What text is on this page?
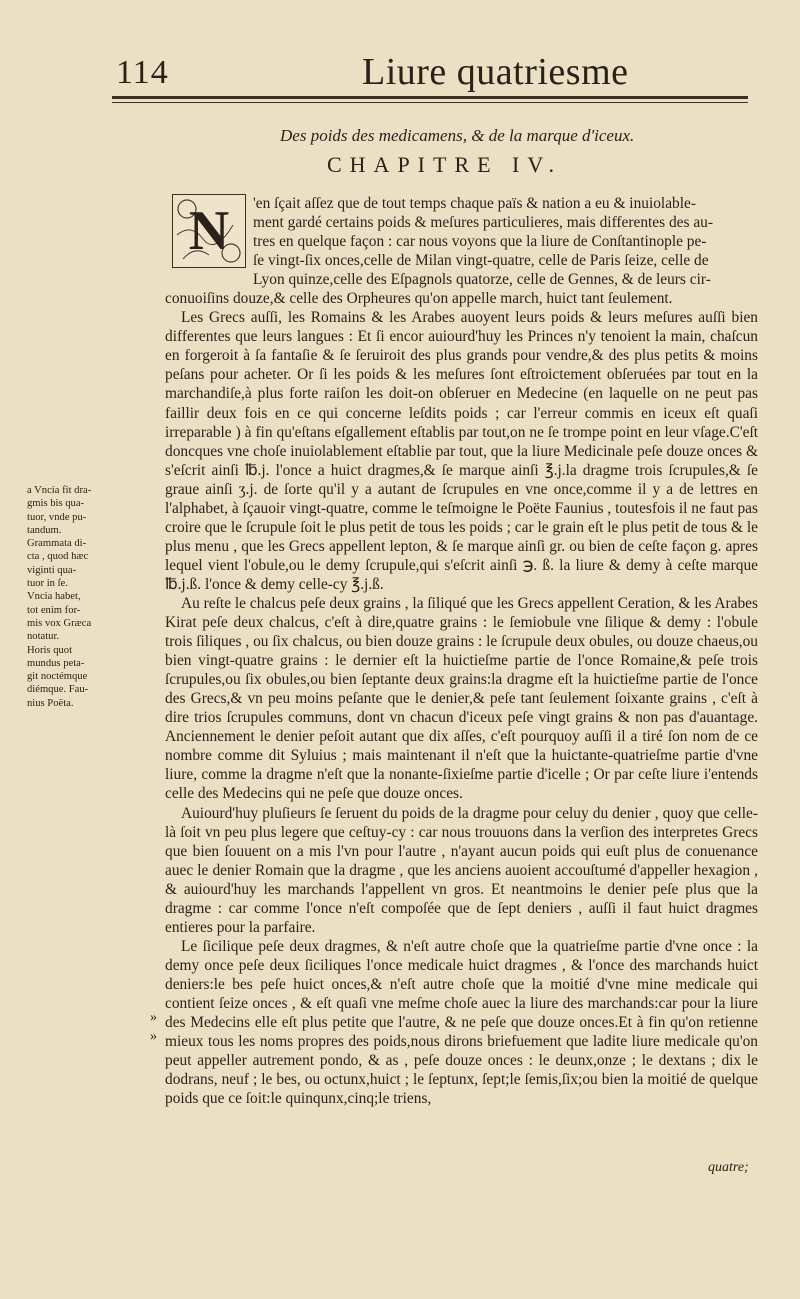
114	Liure quatriesme
Des poids des medicamens, & de la marque d'iceux.
CHAPITRE IV.
a Vncia fit dra-
gmis bis qua-
tuor, vnde pu-
tandum.
Grammata di-
cta , quod hæc
viginti qua-
tuor in ſe.
Vncia habet,
tot enim for-
mis vox Græca
notatur.
Horis quot
mundus peta-
git noctémque
diémque. Fau-
nius Poëta.
N	'en ſçait aſſez que de tout temps chaque païs & nation a eu & inuiolable-
ment gardé certains poids & meſures particulieres, mais differentes des au-
tres en quelque façon : car nous voyons que la liure de Conſtantinople pe-
ſe vingt-ſix onces,celle de Milan vingt-quatre, celle de Paris ſeize, celle de
Lyon quinze,celle des Eſpagnols quatorze, celle de Gennes, & de leurs cir-

conuoiſins douze,& celle des Orpheures qu'on appelle march, huict tant ſeulement.

Les Grecs auſſi, les Romains & les Arabes auoyent leurs poids & leurs meſures auſſi bien differentes que leurs langues : Et ſi encor auiourd'huy les Princes n'y tenoient la main, chaſcun en forgeroit à ſa fantaſie & ſe ſeruiroit des plus grands pour vendre,& des plus petits & moins peſans pour acheter. Or ſi les poids & les meſures ſont eſtroictement obſeruées par tout en la marchandiſe,à plus forte raiſon les doit-on obſeruer en Medecine (en laquelle on ne peut pas faillir deux fois en ce qui concerne leſdits poids ; car l'erreur commis en iceux eſt quaſi irreparable ) à fin qu'eſtans eſgallement eſtablis par tout,on ne ſe trompe point en leur vſage.C'eſt doncques vne choſe inuiolablement eſtablie par tout, que la liure Medicinale peſe douze onces & s'eſcrit ainſi ℔.j. l'once a huict dragmes,& ſe marque ainſi ℥.j.la dragme trois ſcrupules,& ſe graue ainſi ʒ.j. de ſorte qu'il y a autant de ſcrupules en vne once,comme il y a de lettres en l'alphabet, à ſçauoir vingt-quatre, comme le teſmoigne le Poëte Faunius , toutesfois il ne faut pas croire que le ſcrupule ſoit le plus petit de tous les poids ; car le grain eſt le plus petit de tous & le plus menu , que les Grecs appellent lepton, & ſe marque ainſi gr. ou bien de ceſte façon g. apres lequel vient l'obule,ou le demy ſcrupule,qui s'eſcrit ainſi ℈. ß. la liure & demy à ceſte marque ℔.j.ß. l'once & demy celle-cy ℥.j.ß.

Au reſte le chalcus peſe deux grains , la ſiliqué que les Grecs appellent Ceration, & les Arabes Kirat peſe deux chalcus, c'eſt à dire,quatre grains : le ſemiobule vne ſilique & demy : l'obule trois ſiliques , ou ſix chalcus, ou bien douze grains : le ſcrupule deux obules, ou douze chaeus,ou bien vingt-quatre grains : le dernier eſt la huictieſme partie de l'once Romaine,& peſe trois ſcrupules,ou ſix obules,ou bien ſeptante deux grains:la dragme eſt la huictieſme partie de l'once des Grecs,& vn peu moins peſante que le denier,& peſe tant ſeulement ſoixante grains , c'eſt à dire trios ſcrupules communs, dont vn chacun d'iceux peſe vingt grains & non pas d'auantage. Anciennement le denier peſoit autant que dix aſſes, c'eſt pourquoy auſſi il a tiré ſon nom de ce nombre comme dit Syluius ; mais maintenant il n'eſt que la huictante-quatrieſme partie d'vne liure, comme la dragme n'eſt que la nonante-ſixieſme partie d'icelle ; Or par ceſte liure i'entends celle des Medecins qui ne peſe que douze onces.

Auiourd'huy pluſieurs ſe ſeruent du poids de la dragme pour celuy du denier , quoy que celle-là ſoit vn peu plus legere que ceſtuy-cy : car nous trouuons dans la verſion des interpretes Grecs que bien ſouuent on a mis l'vn pour l'autre , n'ayant aucun poids qui euſt plus de conuenance auec le denier Romain que la dragme , que les anciens auoient accouſtumé d'appeller hexagion , & auiourd'huy les marchands l'appellent vn gros. Et neantmoins le denier peſe plus que la dragme : car comme l'once n'eſt compoſée que de ſept deniers , auſſi il faut huict dragmes entieres pour la parfaire.

Le ſicilique peſe deux dragmes, & n'eſt autre choſe que la quatrieſme partie d'vne once : la demy once peſe deux ſiciliques l'once medicale huict dragmes , & l'once des marchands huict deniers:le bes peſe huict onces,& n'eſt autre choſe que la moitié d'vne mine medicale qui contient ſeize onces , & eſt quaſi vne meſme choſe auec la liure des marchands:car pour la liure des Medecins elle eſt plus petite que l'autre, & ne peſe que douze onces.Et à fin qu'on retienne mieux tous les noms propres des poids,nous dirons briefuement que ladite liure medicale qu'on peut appeller autrement pondo, & as , peſe douze onces : le deunx,onze ; le dextans ; dix le dodrans, neuf ; le bes, ou octunx,huict ; le ſeptunx, ſept;le ſemis,ſix;ou bien la moitié de quelque poids que ce ſoit:le quinqunx,cinq;le triens,

»
»
quatre;
